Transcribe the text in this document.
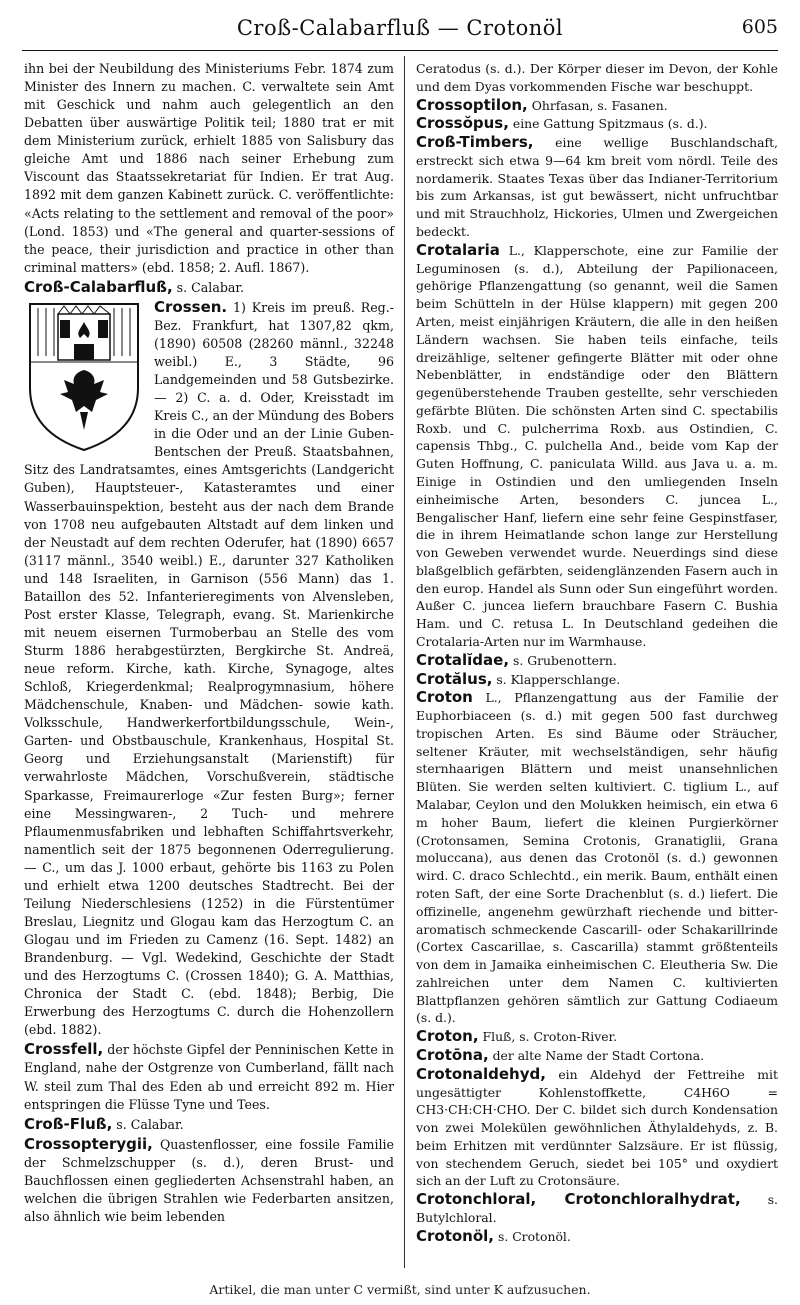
Croß-Calabarfluß — Crotonöl	605
ihn bei der Neubildung des Ministeriums Febr. 1874 zum Minister des Innern zu machen. C. verwaltete sein Amt mit Geschick und nahm auch gelegentlich an den Debatten über auswärtige Politik teil; 1880 trat er mit dem Ministerium zurück, erhielt 1885 von Salisbury das gleiche Amt und 1886 nach seiner Erhebung zum Viscount das Staatssekretariat für Indien. Er trat Aug. 1892 mit dem ganzen Kabinett zurück. C. veröffentlichte: «Acts relating to the settlement and removal of the poor» (Lond. 1853) und «The general and quarter-sessions of the peace, their jurisdiction and practice in other than criminal matters» (ebd. 1858; 2. Aufl. 1867).
Croß-Calabarfluß, s. Calabar.
Crossen. 1) Kreis im preuß. Reg.-Bez. Frankfurt, hat 1307,82 qkm, (1890) 60508 (28260 männl., 32248 weibl.) E., 3 Städte, 96 Landgemeinden und 58 Gutsbezirke. — 2) C. a. d. Oder, Kreisstadt im Kreis C., an der Mündung des Bobers in die Oder und an der Linie Guben-Bentschen der Preuß. Staatsbahnen, Sitz des Landratsamtes, eines Amtsgerichts (Landgericht Guben), Hauptsteuer-, Katasteramtes und einer Wasserbauinspektion, besteht aus der nach dem Brande von 1708 neu aufgebauten Altstadt auf dem linken und der Neustadt auf dem rechten Oderufer, hat (1890) 6657 (3117 männl., 3540 weibl.) E., darunter 327 Katholiken und 148 Israeliten, in Garnison (556 Mann) das 1. Bataillon des 52. Infanterieregiments von Alvensleben, Post erster Klasse, Telegraph, evang. St. Marienkirche mit neuem eisernen Turmoberbau an Stelle des vom Sturm 1886 herabgestürzten, Bergkirche St. Andreä, neue reform. Kirche, kath. Kirche, Synagoge, altes Schloß, Kriegerdenkmal; Realprogymnasium, höhere Mädchenschule, Knaben- und Mädchen- sowie kath. Volksschule, Handwerkerfortbildungsschule, Wein-, Garten- und Obstbauschule, Krankenhaus, Hospital St. Georg und Erziehungsanstalt (Marienstift) für verwahrloste Mädchen, Vorschußverein, städtische Sparkasse, Freimaurerloge «Zur festen Burg»; ferner eine Messingwaren-, 2 Tuch- und mehrere Pflaumenmusfabriken und lebhaften Schiffahrtsverkehr, namentlich seit der 1875 begonnenen Oderregulierung. — C., um das J. 1000 erbaut, gehörte bis 1163 zu Polen und erhielt etwa 1200 deutsches Stadtrecht. Bei der Teilung Niederschlesiens (1252) in die Fürstentümer Breslau, Liegnitz und Glogau kam das Herzogtum C. an Glogau und im Frieden zu Camenz (16. Sept. 1482) an Brandenburg. — Vgl. Wedekind, Geschichte der Stadt und des Herzogtums C. (Crossen 1840); G. A. Matthias, Chronica der Stadt C. (ebd. 1848); Berbig, Die Erwerbung des Herzogtums C. durch die Hohenzollern (ebd. 1882).
Crossfell, der höchste Gipfel der Penninischen Kette in England, nahe der Ostgrenze von Cumberland, fällt nach W. steil zum Thal des Eden ab und erreicht 892 m. Hier entspringen die Flüsse Tyne und Tees.
Croß-Fluß, s. Calabar.
Crossopterygii, Quastenflosser, eine fossile Familie der Schmelzschupper (s. d.), deren Brust- und Bauchflossen einen gegliederten Achsenstrahl haben, an welchen die übrigen Strahlen wie Federbarten ansitzen, also ähnlich wie beim lebenden
Ceratodus (s. d.). Der Körper dieser im Devon, der Kohle und dem Dyas vorkommenden Fische war beschuppt.
Crossoptilon, Ohrfasan, s. Fasanen.
Crossŏpus, eine Gattung Spitzmaus (s. d.).
Croß-Timbers, eine wellige Buschlandschaft, erstreckt sich etwa 9—64 km breit vom nördl. Teile des nordamerik. Staates Texas über das Indianer-Territorium bis zum Arkansas, ist gut bewässert, nicht unfruchtbar und mit Strauchholz, Hickories, Ulmen und Zwergeichen bedeckt.
Crotalaria L., Klapperschote, eine zur Familie der Leguminosen (s. d.), Abteilung der Papilionaceen, gehörige Pflanzengattung (so genannt, weil die Samen beim Schütteln in der Hülse klappern) mit gegen 200 Arten, meist einjährigen Kräutern, die alle in den heißen Ländern wachsen. Sie haben teils einfache, teils dreizählige, seltener gefingerte Blätter mit oder ohne Nebenblätter, in endständige oder den Blättern gegenüberstehende Trauben gestellte, sehr verschieden gefärbte Blüten. Die schönsten Arten sind C. spectabilis Roxb. und C. pulcherrima Roxb. aus Ostindien, C. capensis Thbg., C. pulchella And., beide vom Kap der Guten Hoffnung, C. paniculata Willd. aus Java u. a. m. Einige in Ostindien und den umliegenden Inseln einheimische Arten, besonders C. juncea L., Bengalischer Hanf, liefern eine sehr feine Gespinstfaser, die in ihrem Heimatlande schon lange zur Herstellung von Geweben verwendet wurde. Neuerdings sind diese blaßgelblich gefärbten, seidenglänzenden Fasern auch in den europ. Handel als Sunn oder Sun eingeführt worden. Außer C. juncea liefern brauchbare Fasern C. Bushia Ham. und C. retusa L. In Deutschland gedeihen die Crotalaria-Arten nur im Warmhause.
Crotalĭdae, s. Grubenottern.
Crotălus, s. Klapperschlange.
Croton L., Pflanzengattung aus der Familie der Euphorbiaceen (s. d.) mit gegen 500 fast durchweg tropischen Arten. Es sind Bäume oder Sträucher, seltener Kräuter, mit wechselständigen, sehr häufig sternhaarigen Blättern und meist unansehnlichen Blüten. Sie werden selten kultiviert. C. tiglium L., auf Malabar, Ceylon und den Molukken heimisch, ein etwa 6 m hoher Baum, liefert die kleinen Purgierkörner (Crotonsamen, Semina Crotonis, Granatiglii, Grana moluccana), aus denen das Crotonöl (s. d.) gewonnen wird. C. draco Schlechtd., ein merik. Baum, enthält einen roten Saft, der eine Sorte Drachenblut (s. d.) liefert. Die offizinelle, angenehm gewürzhaft riechende und bitter-aromatisch schmeckende Cascarill- oder Schakarillrinde (Cortex Cascarillae, s. Cascarilla) stammt größtenteils von dem in Jamaika einheimischen C. Eleutheria Sw. Die zahlreichen unter dem Namen C. kultivierten Blattpflanzen gehören sämtlich zur Gattung Codiaeum (s. d.).
Croton, Fluß, s. Croton-River.
Crotōna, der alte Name der Stadt Cortona.
Crotonaldehyd, ein Aldehyd der Fettreihe mit ungesättigter Kohlenstoffkette, C4H6O = CH3·CH:CH·CHO. Der C. bildet sich durch Kondensation von zwei Molekülen gewöhnlichen Äthylaldehyds, z. B. beim Erhitzen mit verdünnter Salzsäure. Er ist flüssig, von stechendem Geruch, siedet bei 105° und oxydiert sich an der Luft zu Crotonsäure.
Crotonchloral, Crotonchloralhydrat, s. Butylchloral.
Crotonöl, s. Crotonöl.
Artikel, die man unter C vermißt, sind unter K aufzusuchen.
